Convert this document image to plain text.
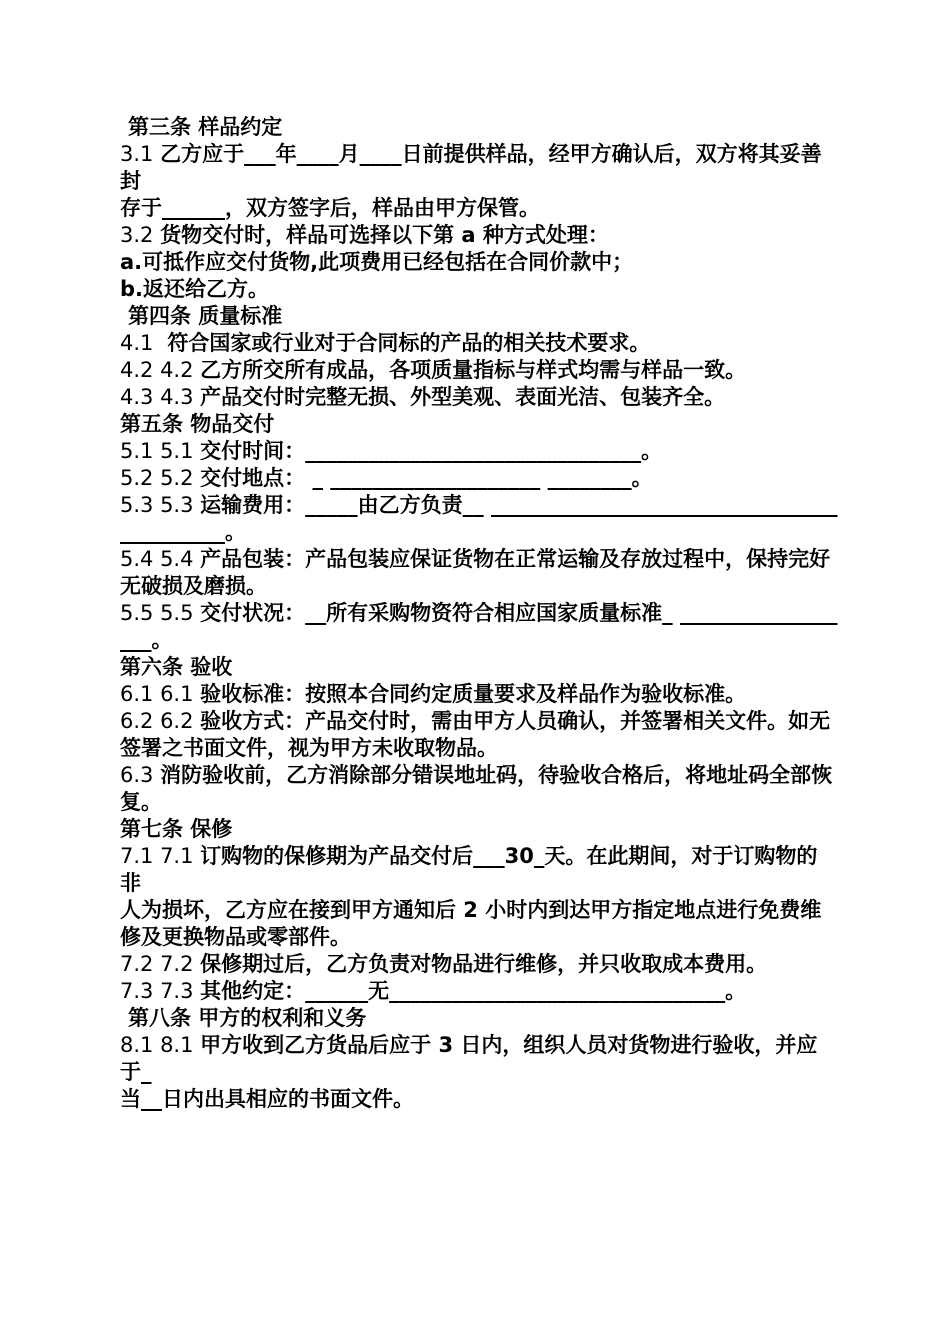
第三条 样品约定

3.1 乙方应于___年____月____日前提供样品，经甲方确认后，双方将其妥善封

存于______，双方签字后，样品由甲方保管。

3.2 货物交付时，样品可选择以下第 a 种方式处理：

a.可抵作应交付货物,此项费用已经包括在合同价款中；

b.返还给乙方。

第四条 质量标准

4.1  符合国家或行业对于合同标的产品的相关技术要求。

4.2 4.2 乙方所交所有成品，各项质量指标与样式均需与样品一致。

4.3 4.3 产品交付时完整无损、外型美观、表面光洁、包装齐全。

第五条 物品交付

5.1 5.1 交付时间：________________________________。

5.2 5.2 交付地点： _ ____________________ ________。

5.3 5.3 运输费用：_____由乙方负责__ ___________________________________________。

5.4 5.4 产品包装：产品包装应保证货物在正常运输及存放过程中，保持完好

无破损及磨损。

5.5 5.5 交付状况：__所有采购物资符合相应国家质量标准_ __________________。

第六条 验收

6.1 6.1 验收标准：按照本合同约定质量要求及样品作为验收标准。

6.2 6.2 验收方式：产品交付时，需由甲方人员确认，并签署相关文件。如无

签署之书面文件，视为甲方未收取物品。

6.3 消防验收前，乙方消除部分错误地址码，待验收合格后，将地址码全部恢复。

第七条 保修

7.1 7.1 订购物的保修期为产品交付后___30_天。在此期间，对于订购物的非

人为损坏，乙方应在接到甲方通知后 2 小时内到达甲方指定地点进行免费维修及更换物品或零部件。

7.2 7.2 保修期过后，乙方负责对物品进行维修，并只收取成本费用。

7.3 7.3 其他约定：______无________________________________。

第八条 甲方的权利和义务

8.1 8.1 甲方收到乙方货品后应于 3 日内，组织人员对货物进行验收，并应于_

当__日内出具相应的书面文件。
